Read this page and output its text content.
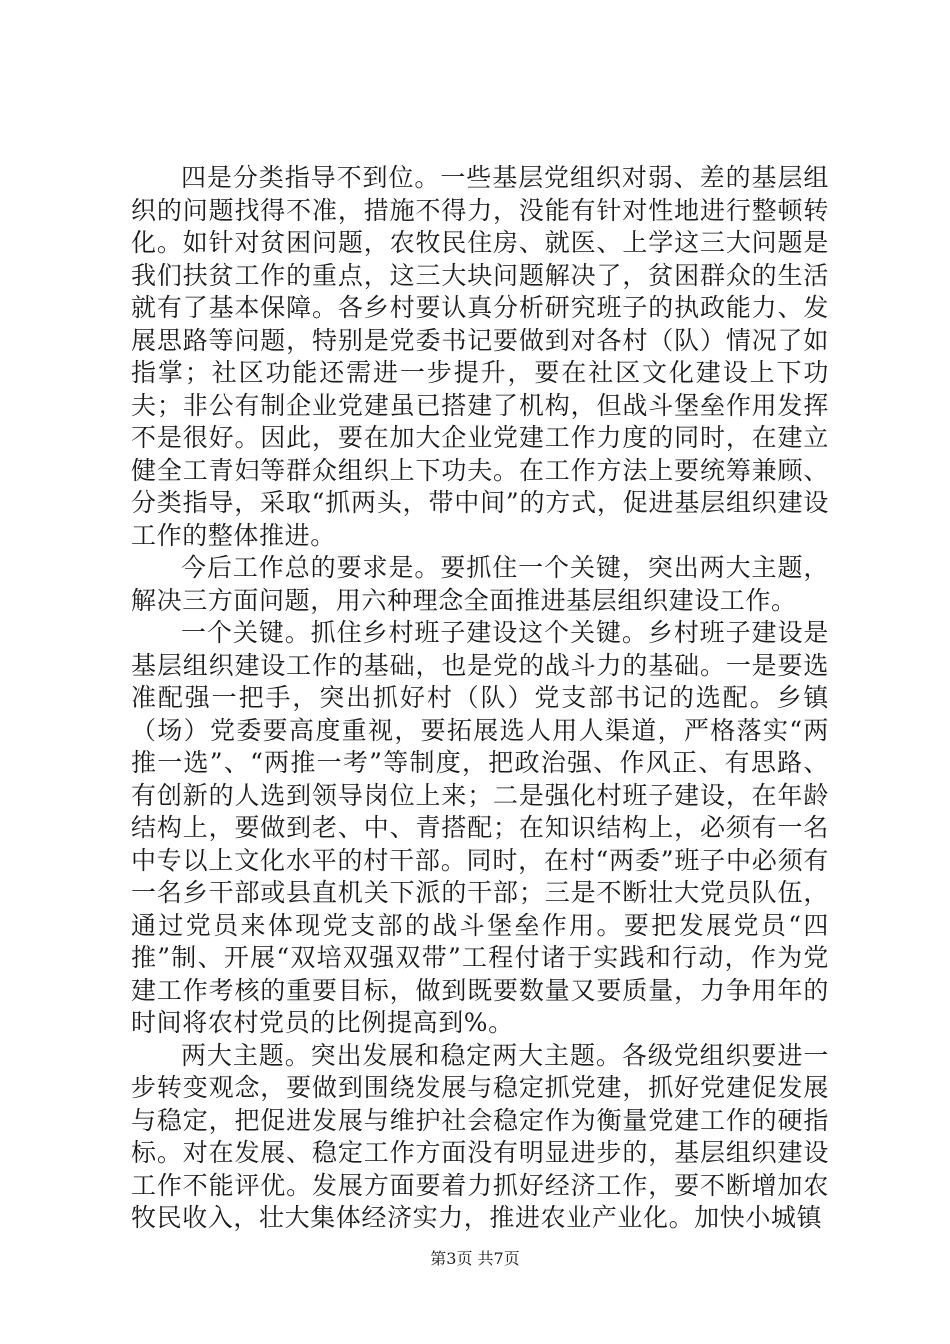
四是分类指导不到位。一些基层党组织对弱、差的基层组织的问题找得不准，措施不得力，没能有针对性地进行整顿转化。如针对贫困问题，农牧民住房、就医、上学这三大问题是我们扶贫工作的重点，这三大块问题解决了，贫困群众的生活就有了基本保障。各乡村要认真分析研究班子的执政能力、发展思路等问题，特别是党委书记要做到对各村（队）情况了如指掌；社区功能还需进一步提升，要在社区文化建设上下功夫；非公有制企业党建虽已搭建了机构，但战斗堡垒作用发挥不是很好。因此，要在加大企业党建工作力度的同时，在建立健全工青妇等群众组织上下功夫。在工作方法上要统筹兼顾、分类指导，采取“抓两头，带中间”的方式，促进基层组织建设工作的整体推进。

今后工作总的要求是。要抓住一个关键，突出两大主题，解决三方面问题，用六种理念全面推进基层组织建设工作。

一个关键。抓住乡村班子建设这个关键。乡村班子建设是基层组织建设工作的基础，也是党的战斗力的基础。一是要选准配强一把手，突出抓好村（队）党支部书记的选配。乡镇（场）党委要高度重视，要拓展选人用人渠道，严格落实“两推一选”、“两推一考”等制度，把政治强、作风正、有思路、有创新的人选到领导岗位上来；二是强化村班子建设，在年龄结构上，要做到老、中、青搭配；在知识结构上，必须有一名中专以上文化水平的村干部。同时，在村“两委”班子中必须有一名乡干部或县直机关下派的干部；三是不断壮大党员队伍，通过党员来体现党支部的战斗堡垒作用。要把发展党员“四推”制、开展“双培双强双带”工程付诸于实践和行动，作为党建工作考核的重要目标，做到既要数量又要质量，力争用年的时间将农村党员的比例提高到%。

两大主题。突出发展和稳定两大主题。各级党组织要进一步转变观念，要做到围绕发展与稳定抓党建，抓好党建促发展与稳定，把促进发展与维护社会稳定作为衡量党建工作的硬指标。对在发展、稳定工作方面没有明显进步的，基层组织建设工作不能评优。发展方面要着力抓好经济工作，要不断增加农牧民收入，壮大集体经济实力，推进农业产业化。加快小城镇

第3页 共7页
